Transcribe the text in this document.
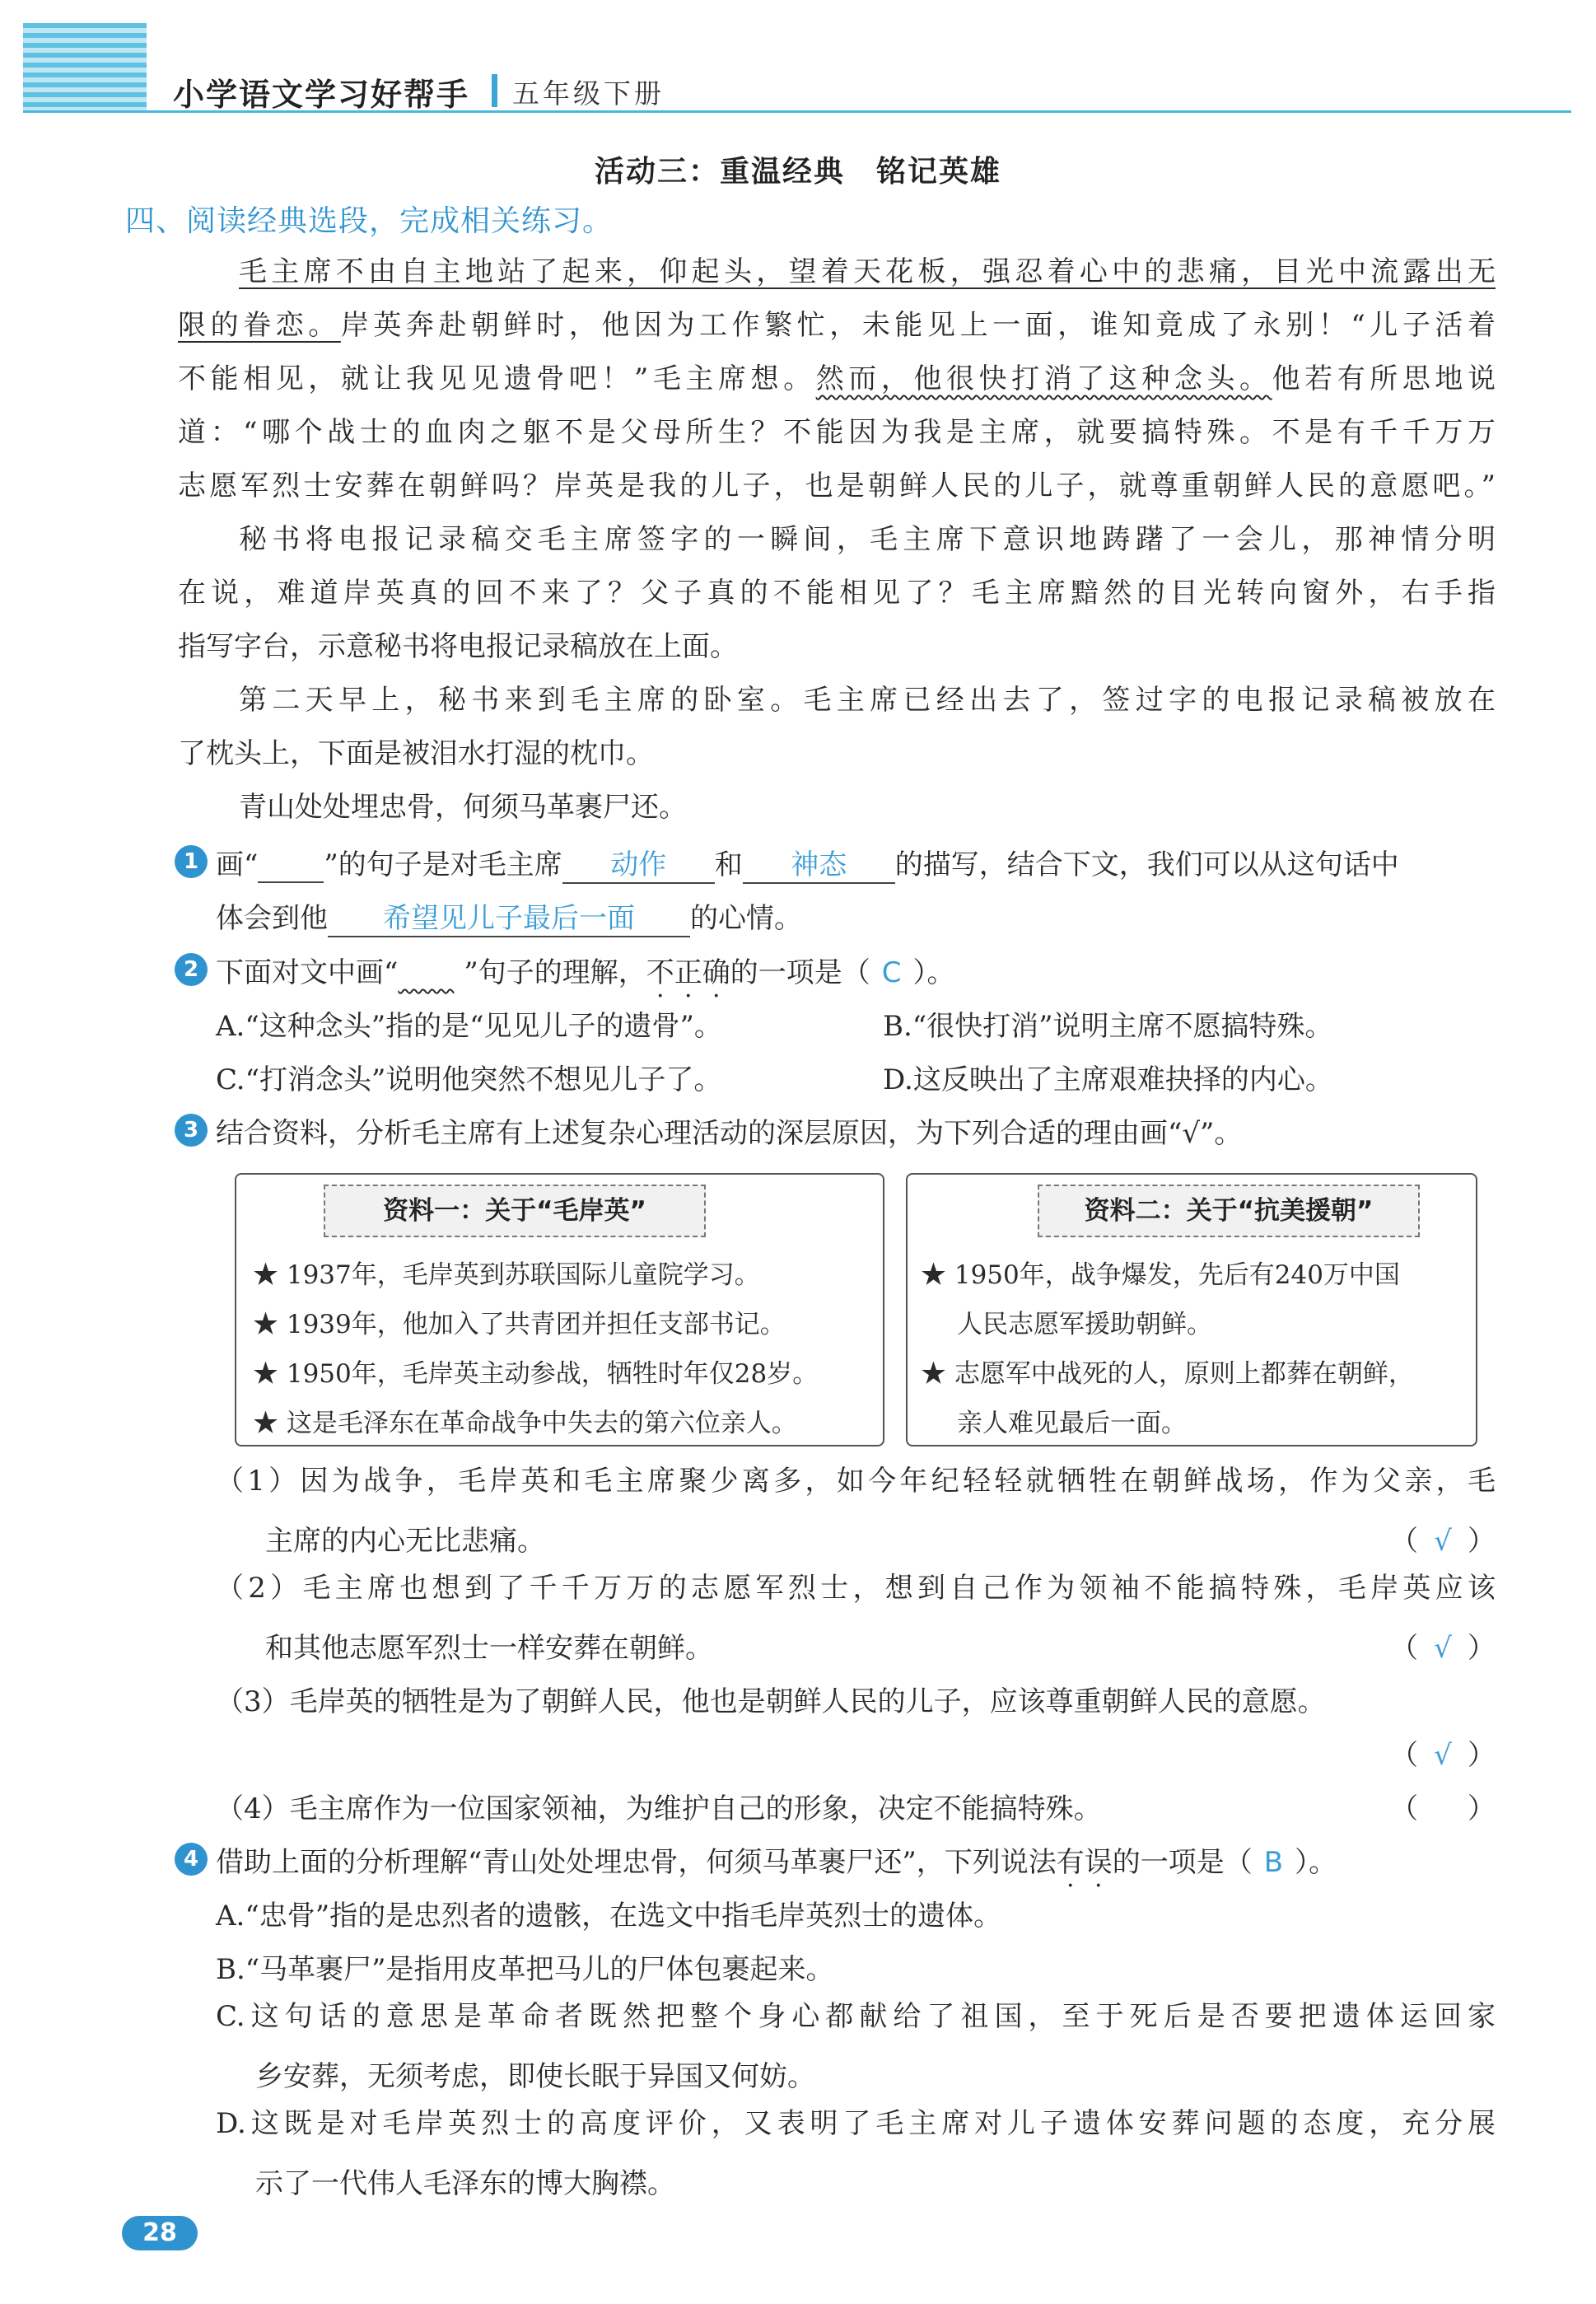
小学语文学习好帮手 五年级下册
活动三：重温经典　铭记英雄
四、阅读经典选段，完成相关练习。
毛主席不由自主地站了起来，仰起头，望着天花板，强忍着心中的悲痛，目光中流露出无
限的眷恋。岸英奔赴朝鲜时，他因为工作繁忙，未能见上一面，谁知竟成了永别！“儿子活着
不能相见，就让我见见遗骨吧！”毛主席想。然而，他很快打消了这种念头。他若有所思地说
道：“哪个战士的血肉之躯不是父母所生？不能因为我是主席，就要搞特殊。不是有千千万万
志愿军烈士安葬在朝鲜吗？岸英是我的儿子，也是朝鲜人民的儿子，就尊重朝鲜人民的意愿吧。”
秘书将电报记录稿交毛主席签字的一瞬间，毛主席下意识地踌躇了一会儿，那神情分明
在说，难道岸英真的回不来了？父子真的不能相见了？毛主席黯然的目光转向窗外，右手指
指写字台，示意秘书将电报记录稿放在上面。
第二天早上，秘书来到毛主席的卧室。毛主席已经出去了，签过字的电报记录稿被放在
了枕头上，下面是被泪水打湿的枕巾。
青山处处埋忠骨，何须马革裹尸还。
1 画“ ”的句子是对毛主席 动作 和 神态 的描写，结合下文，我们可以从这句话中
体会到他 希望见儿子最后一面 的心情。
2 下面对文中画“　　 ”句子的理解，不正确的一项是（ C ）。
A.“这种念头”指的是“见见儿子的遗骨”。	B.“很快打消”说明主席不愿搞特殊。
C.“打消念头”说明他突然不想见儿子了。	D.这反映出了主席艰难抉择的内心。
3 结合资料，分析毛主席有上述复杂心理活动的深层原因，为下列合适的理由画“√”。
资料一：关于“毛岸英”
★ 1937年，毛岸英到苏联国际儿童院学习。
★ 1939年，他加入了共青团并担任支部书记。
★ 1950年，毛岸英主动参战，牺牲时年仅28岁。
★ 这是毛泽东在革命战争中失去的第六位亲人。
资料二：关于“抗美援朝”
★ 1950年，战争爆发，先后有240万中国
人民志愿军援助朝鲜。
★ 志愿军中战死的人，原则上都葬在朝鲜，
亲人难见最后一面。
（1）因为战争，毛岸英和毛主席聚少离多，如今年纪轻轻就牺牲在朝鲜战场，作为父亲，毛
主席的内心无比悲痛。	（ √ ）
（2）毛主席也想到了千千万万的志愿军烈士，想到自己作为领袖不能搞特殊，毛岸英应该
和其他志愿军烈士一样安葬在朝鲜。	（ √ ）
（3）毛岸英的牺牲是为了朝鲜人民，他也是朝鲜人民的儿子，应该尊重朝鲜人民的意愿。
（ √ ）
（4）毛主席作为一位国家领袖，为维护自己的形象，决定不能搞特殊。	（ ）
4 借助上面的分析理解“青山处处埋忠骨，何须马革裹尸还”，下列说法有误的一项是（ B ）。
A.“忠骨”指的是忠烈者的遗骸，在选文中指毛岸英烈士的遗体。
B.“马革裹尸”是指用皮革把马儿的尸体包裹起来。
C.这句话的意思是革命者既然把整个身心都献给了祖国，至于死后是否要把遗体运回家
乡安葬，无须考虑，即使长眠于异国又何妨。
D.这既是对毛岸英烈士的高度评价，又表明了毛主席对儿子遗体安葬问题的态度，充分展
示了一代伟人毛泽东的博大胸襟。
28
